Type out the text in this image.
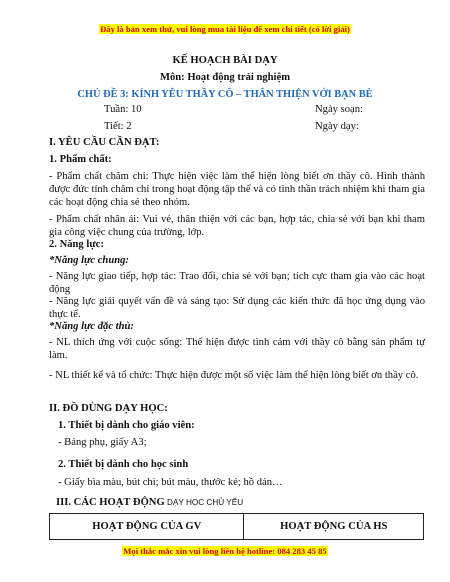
Đây là bản xem thử, vui lòng mua tài liệu để xem chi tiết (có lời giải)

KẾ HOẠCH BÀI DẠY

Môn: Hoạt động trải nghiệm

CHỦ ĐỀ 3: KÍNH YÊU THẦY CÔ – THÂN THIỆN VỚI BẠN BÈ

Tuần: 10	Ngày soạn:

Tiết: 2	Ngày dạy:

I. YÊU CẦU CẦN ĐẠT:

1. Phẩm chất:

- Phẩm chất chăm chỉ: Thực hiện việc làm thể hiện lòng biết ơn thầy cô. Hình thành được đức tính chăm chỉ trong hoạt động tập thể và có tinh thần trách nhiệm khi tham gia các hoạt động chia sẻ theo nhóm.

- Phẩm chất nhân ái: Vui vẻ, thân thiện với các bạn, hợp tác, chia sẻ với bạn khi tham gia công việc chung của trường, lớp.

2. Năng lực:

*Năng lực chung:

- Năng lực giao tiếp, hợp tác: Trao đổi, chia sẻ với bạn; tích cực tham gia vào các hoạt động

- Năng lực giải quyết vấn đề và sáng tạo: Sử dụng các kiến thức đã học ứng dụng vào thực tế.

*Năng lực đặc thù:

- NL thích ứng với cuộc sống: Thể hiện được tình cảm với thầy cô bằng sản phẩm tự làm.

- NL thiết kế và tổ chức: Thực hiện được một số việc làm thể hiện lòng biết ơn thầy cô.

II. ĐỒ DÙNG DẠY HỌC:

1. Thiết bị dành cho giáo viên:

- Bảng phụ, giấy A3;

2. Thiết bị dành cho học sinh

- Giấy bìa màu, bút chì; bút màu, thước kẻ; hồ dán…

III. CÁC HOẠT ĐỘNG DẠY HỌC CHỦ YẾU

HOẠT ĐỘNG CỦA GV	HOẠT ĐỘNG CỦA HS
Mọi thắc mắc xin vui lòng liên hệ hotline: 084 283 45 85
